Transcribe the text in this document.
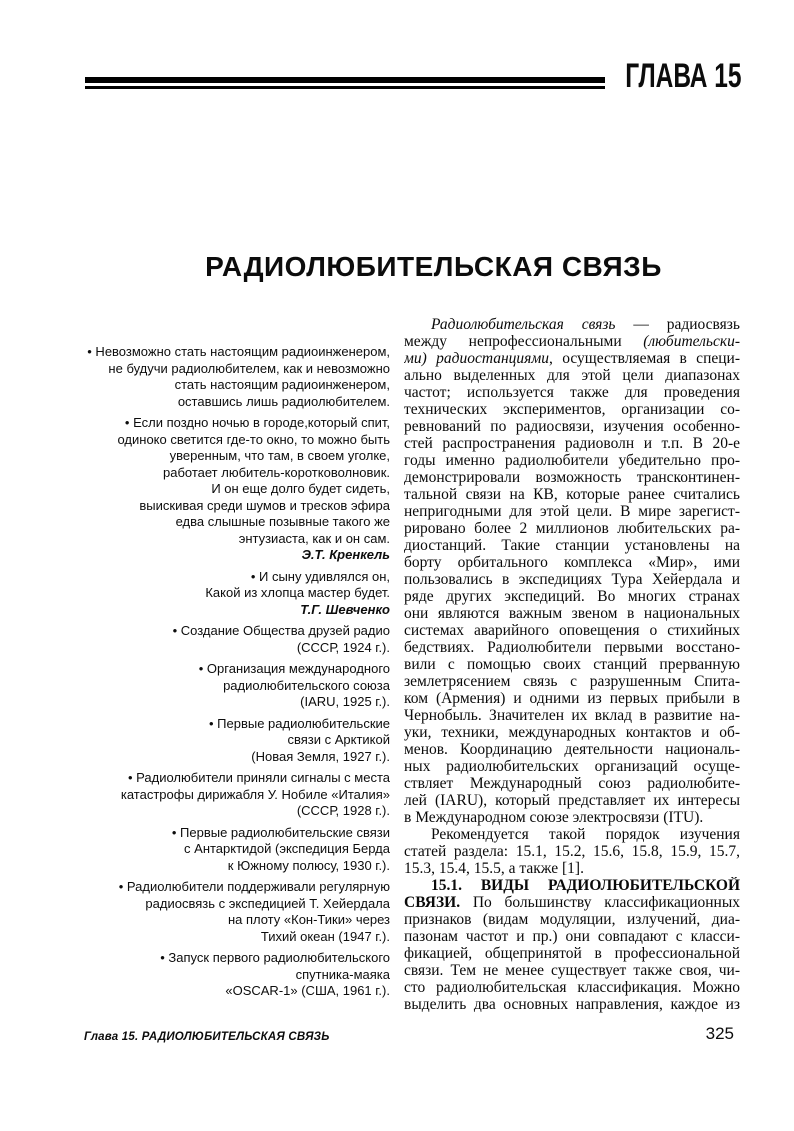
ГЛАВА 15
РАДИОЛЮБИТЕЛЬСКАЯ СВЯЗЬ
• Невозможно стать настоящим радиоинженером,
не будучи радиолюбителем, как и невозможно
стать настоящим радиоинженером,
оставшись лишь радиолюбителем.
• Если поздно ночью в городе,который спит,
одиноко светится где-то окно, то можно быть
уверенным, что там, в своем уголке,
работает любитель-коротковолновик.
И он еще долго будет сидеть,
выискивая среди шумов и тресков эфира
едва слышные позывные такого же
энтузиаста, как и он сам.
Э.Т. Кренкель
• И сыну удивлялся он,
Какой из хлопца мастер будет.
Т.Г. Шевченко
• Создание Общества друзей радио
(СССР, 1924 г.).
• Организация международного
радиолюбительского союза
(IARU, 1925 г.).
• Первые радиолюбительские
связи с Арктикой
(Новая Земля, 1927 г.).
• Радиолюбители приняли сигналы с места
катастрофы дирижабля У. Нобиле «Италия»
(СССР, 1928 г.).
• Первые радиолюбительские связи
с Антарктидой (экспедиция Берда
к Южному полюсу, 1930 г.).
• Радиолюбители поддерживали регулярную
радиосвязь с экспедицией Т. Хейердала
на плоту «Кон-Тики» через
Тихий океан (1947 г.).
• Запуск первого радиолюбительского
спутника-маяка
«OSCAR-1» (США, 1961 г.).
Радиолюбительская связь — радиосвязь
между непрофессиональными (любительски-
ми) радиостанциями, осуществляемая в специ-
ально выделенных для этой цели диапазонах
частот; используется также для проведения
технических экспериментов, организации со-
ревнований по радиосвязи, изучения особенно-
стей распространения радиоволн и т.п. В 20-е
годы именно радиолюбители убедительно про-
демонстрировали возможность трансконтинен-
тальной связи на КВ, которые ранее считались
непригодными для этой цели. В мире зарегист-
рировано более 2 миллионов любительских ра-
диостанций. Такие станции установлены на
борту орбитального комплекса «Мир», ими
пользовались в экспедициях Тура Хейердала и
ряде других экспедиций. Во многих странах
они являются важным звеном в национальных
системах аварийного оповещения о стихийных
бедствиях. Радиолюбители первыми восстано-
вили с помощью своих станций прерванную
землетрясением связь с разрушенным Спита-
ком (Армения) и одними из первых прибыли в
Чернобыль. Значителен их вклад в развитие на-
уки, техники, международных контактов и об-
менов. Координацию деятельности националь-
ных радиолюбительских организаций осуще-
ствляет Международный союз радиолюбите-
лей (IARU), который представляет их интересы
в Международном союзе электросвязи (ITU).
Рекомендуется такой порядок изучения
статей раздела: 15.1, 15.2, 15.6, 15.8, 15.9, 15.7,
15.3, 15.4, 15.5, а также [1].
15.1. ВИДЫ РАДИОЛЮБИТЕЛЬСКОЙ
СВЯЗИ. По большинству классификационных
признаков (видам модуляции, излучений, диа-
пазонам частот и пр.) они совпадают с класси-
фикацией, общепринятой в профессиональной
связи. Тем не менее существует также своя, чи-
сто радиолюбительская классификация. Можно
выделить два основных направления, каждое из
Глава 15. РАДИОЛЮБИТЕЛЬСКАЯ СВЯЗЬ	325
